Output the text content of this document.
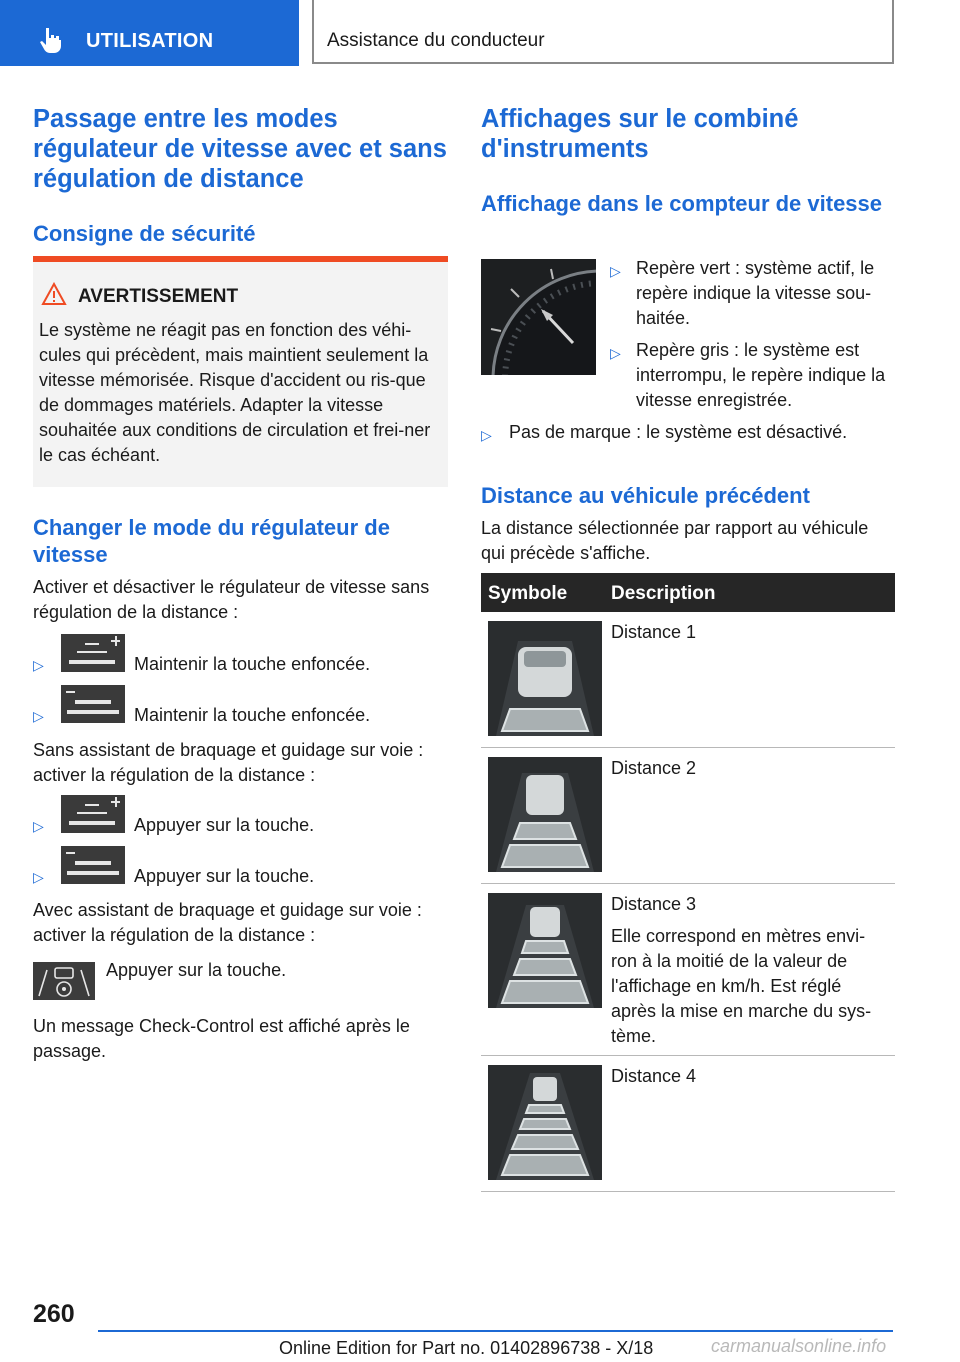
UTILISATION	Assistance du conducteur
Passage entre les modes régulateur de vitesse avec et sans régulation de distance
Consigne de sécurité
AVERTISSEMENT
Le système ne réagit pas en fonction des véhi-cules qui précèdent, mais maintient seulement la vitesse mémorisée. Risque d'accident ou ris-que de dommages matériels. Adapter la vitesse souhaitée aux conditions de circulation et frei-ner le cas échéant.
Changer le mode du régulateur de vitesse

Activer et désactiver le régulateur de vitesse sans régulation de la distance :

▷	Maintenir la touche enfoncée.
▷	Maintenir la touche enfoncée.

Sans assistant de braquage et guidage sur voie : activer la régulation de la distance :

▷	Appuyer sur la touche.
▷	Appuyer sur la touche.

Avec assistant de braquage et guidage sur voie : activer la régulation de la distance :

Appuyer sur la touche.

Un message Check-Control est affiché après le passage.

Affichages sur le combiné d'instruments
Affichage dans le compteur de vitesse
▷ Repère vert : système actif, le repère indique la vitesse sou-haitée.

▷ Repère gris : le système est interrompu, le repère indique la vitesse enregistrée.

▷ Pas de marque : le système est désactivé.

Distance au véhicule précédent

La distance sélectionnée par rapport au véhicule qui précède s'affiche.

Symbole Description
Distance 1
Distance 2
Distance 3

Elle correspond en mètres envi-ron à la moitié de la valeur de l'affichage en km/h. Est réglé après la mise en marche du sys-tème.

Distance 4
260
Online Edition for Part no. 01402896738 - X/18	carmanualsonline.info
